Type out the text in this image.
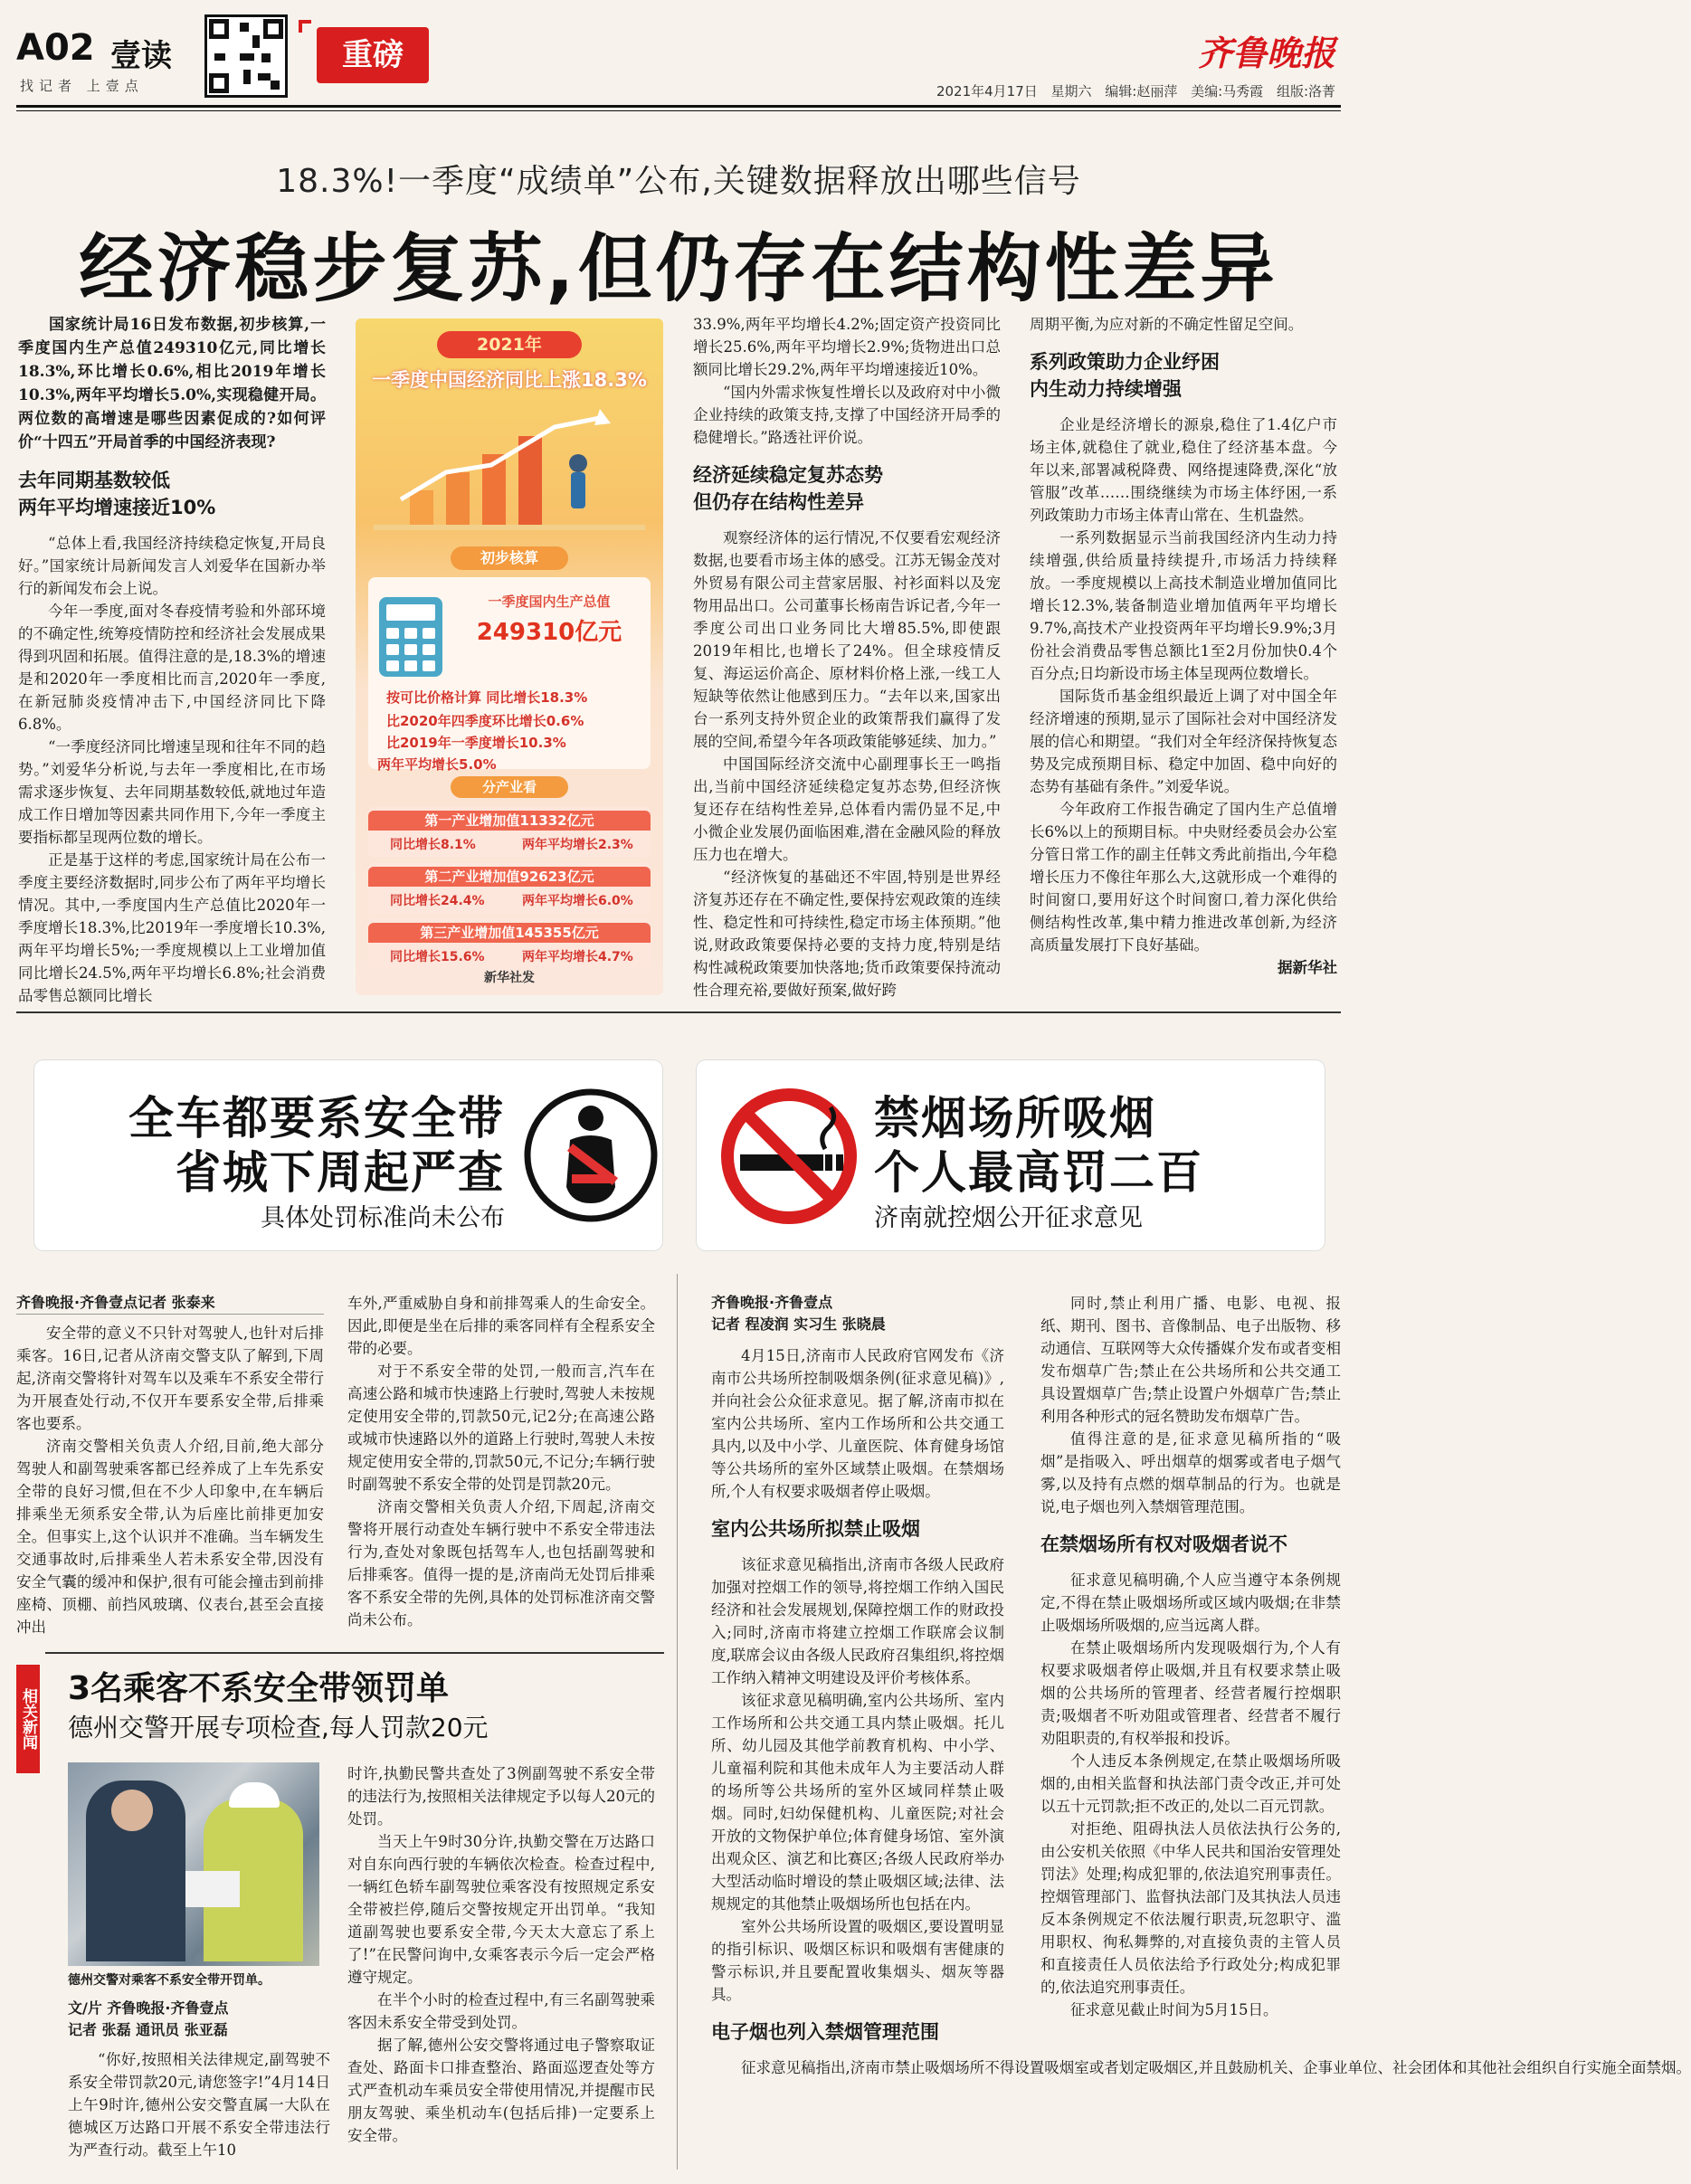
A02 壹读
找记者 上壹点
重磅	齐鲁晚报
2021年4月17日 星期六 编辑:赵丽萍 美编:马秀霞 组版:洛菁
18.3%!一季度“成绩单”公布,关键数据释放出哪些信号
经济稳步复苏,但仍存在结构性差异

国家统计局16日发布数据,初步核算,一季度国内生产总值249310亿元,同比增长18.3%,环比增长0.6%,相比2019年增长10.3%,两年平均增长5.0%,实现稳健开局。两位数的高增速是哪些因素促成的?如何评价“十四五”开局首季的中国经济表现?

去年同期基数较低
两年平均增速接近10%

“总体上看,我国经济持续稳定恢复,开局良好。”国家统计局新闻发言人刘爱华在国新办举行的新闻发布会上说。

今年一季度,面对冬春疫情考验和外部环境的不确定性,统筹疫情防控和经济社会发展成果得到巩固和拓展。值得注意的是,18.3%的增速是和2020年一季度相比而言,2020年一季度,在新冠肺炎疫情冲击下,中国经济同比下降6.8%。

“一季度经济同比增速呈现和往年不同的趋势。”刘爱华分析说,与去年一季度相比,在市场需求逐步恢复、去年同期基数较低,就地过年造成工作日增加等因素共同作用下,今年一季度主要指标都呈现两位数的增长。

正是基于这样的考虑,国家统计局在公布一季度主要经济数据时,同步公布了两年平均增长情况。其中,一季度国内生产总值比2020年一季度增长18.3%,比2019年一季度增长10.3%,两年平均增长5%;一季度规模以上工业增加值同比增长24.5%,两年平均增长6.8%;社会消费品零售总额同比增长

2021年
一季度中国经济同比上涨18.3%
初步核算
一季度国内生产总值
249310亿元
按可比价格计算 同比增长18.3%
比2020年四季度环比增长0.6%
比2019年一季度增长10.3%
两年平均增长5.0%
分产业看
第一产业增加值11332亿元
同比增长8.1%	两年平均增长2.3%
第二产业增加值92623亿元
同比增长24.4%	两年平均增长6.0%
第三产业增加值145355亿元
同比增长15.6%	两年平均增长4.7%
新华社发

33.9%,两年平均增长4.2%;固定资产投资同比增长25.6%,两年平均增长2.9%;货物进出口总额同比增长29.2%,两年平均增速接近10%。

“国内外需求恢复性增长以及政府对中小微企业持续的政策支持,支撑了中国经济开局季的稳健增长。”路透社评价说。

经济延续稳定复苏态势
但仍存在结构性差异

观察经济体的运行情况,不仅要看宏观经济数据,也要看市场主体的感受。江苏无锡金茂对外贸易有限公司主营家居服、衬衫面料以及宠物用品出口。公司董事长杨南告诉记者,今年一季度公司出口业务同比大增85.5%,即使跟2019年相比,也增长了24%。但全球疫情反复、海运运价高企、原材料价格上涨,一线工人短缺等依然让他感到压力。“去年以来,国家出台一系列支持外贸企业的政策帮我们赢得了发展的空间,希望今年各项政策能够延续、加力。”

中国国际经济交流中心副理事长王一鸣指出,当前中国经济延续稳定复苏态势,但经济恢复还存在结构性差异,总体看内需仍显不足,中小微企业发展仍面临困难,潜在金融风险的释放压力也在增大。

“经济恢复的基础还不牢固,特别是世界经济复苏还存在不确定性,要保持宏观政策的连续性、稳定性和可持续性,稳定市场主体预期。”他说,财政政策要保持必要的支持力度,特别是结构性减税政策要加快落地;货币政策要保持流动性合理充裕,要做好预案,做好跨

周期平衡,为应对新的不确定性留足空间。

系列政策助力企业纾困
内生动力持续增强

企业是经济增长的源泉,稳住了1.4亿户市场主体,就稳住了就业,稳住了经济基本盘。今年以来,部署减税降费、网络提速降费,深化“放管服”改革……围绕继续为市场主体纾困,一系列政策助力市场主体青山常在、生机盎然。

一系列数据显示当前我国经济内生动力持续增强,供给质量持续提升,市场活力持续释放。一季度规模以上高技术制造业增加值同比增长12.3%,装备制造业增加值两年平均增长9.7%,高技术产业投资两年平均增长9.9%;3月份社会消费品零售总额比1至2月份加快0.4个百分点;日均新设市场主体呈现两位数增长。

国际货币基金组织最近上调了对中国全年经济增速的预期,显示了国际社会对中国经济发展的信心和期望。“我们对全年经济保持恢复态势及完成预期目标、稳定中加固、稳中向好的态势有基础有条件。”刘爱华说。

今年政府工作报告确定了国内生产总值增长6%以上的预期目标。中央财经委员会办公室分管日常工作的副主任韩文秀此前指出,今年稳增长压力不像往年那么大,这就形成一个难得的时间窗口,要用好这个时间窗口,着力深化供给侧结构性改革,集中精力推进改革创新,为经济高质量发展打下良好基础。

据新华社

全车都要系安全带
省城下周起严查
具体处罚标准尚未公布
禁烟场所吸烟
个人最高罚二百
济南就控烟公开征求意见
齐鲁晚报·齐鲁壹点记者 张泰来

安全带的意义不只针对驾驶人,也针对后排乘客。16日,记者从济南交警支队了解到,下周起,济南交警将针对驾车以及乘车不系安全带行为开展查处行动,不仅开车要系安全带,后排乘客也要系。

济南交警相关负责人介绍,目前,绝大部分驾驶人和副驾驶乘客都已经养成了上车先系安全带的良好习惯,但在不少人印象中,在车辆后排乘坐无须系安全带,认为后座比前排更加安全。但事实上,这个认识并不准确。当车辆发生交通事故时,后排乘坐人若未系安全带,因没有安全气囊的缓冲和保护,很有可能会撞击到前排座椅、顶棚、前挡风玻璃、仪表台,甚至会直接冲出

车外,严重威胁自身和前排驾乘人的生命安全。因此,即便是坐在后排的乘客同样有全程系安全带的必要。

对于不系安全带的处罚,一般而言,汽车在高速公路和城市快速路上行驶时,驾驶人未按规定使用安全带的,罚款50元,记2分;在高速公路或城市快速路以外的道路上行驶时,驾驶人未按规定使用安全带的,罚款50元,不记分;车辆行驶时副驾驶不系安全带的处罚是罚款20元。

济南交警相关负责人介绍,下周起,济南交警将开展行动查处车辆行驶中不系安全带违法行为,查处对象既包括驾车人,也包括副驾驶和后排乘客。值得一提的是,济南尚无处罚后排乘客不系安全带的先例,具体的处罚标准济南交警尚未公布。

相关新闻 3名乘客不系安全带领罚单
德州交警开展专项检查,每人罚款20元
德州交警对乘客不系安全带开罚单。
文/片 齐鲁晚报·齐鲁壹点
记者 张磊 通讯员 张亚磊

“你好,按照相关法律规定,副驾驶不系安全带罚款20元,请您签字!”4月14日上午9时许,德州公安交警直属一大队在德城区万达路口开展不系安全带违法行为严查行动。截至上午10

时许,执勤民警共查处了3例副驾驶不系安全带的违法行为,按照相关法律规定予以每人20元的处罚。

当天上午9时30分许,执勤交警在万达路口对自东向西行驶的车辆依次检查。检查过程中,一辆红色轿车副驾驶位乘客没有按照规定系安全带被拦停,随后交警按规定开出罚单。“我知道副驾驶也要系安全带,今天太大意忘了系上了!”在民警问询中,女乘客表示今后一定会严格遵守规定。

在半个小时的检查过程中,有三名副驾驶乘客因未系安全带受到处罚。

据了解,德州公安交警将通过电子警察取证查处、路面卡口排查整治、路面巡逻查处等方式严查机动车乘员安全带使用情况,并提醒市民朋友驾驶、乘坐机动车(包括后排)一定要系上安全带。

齐鲁晚报·齐鲁壹点
记者 程凌润 实习生 张晓晨

4月15日,济南市人民政府官网发布《济南市公共场所控制吸烟条例(征求意见稿)》,并向社会公众征求意见。据了解,济南市拟在室内公共场所、室内工作场所和公共交通工具内,以及中小学、儿童医院、体育健身场馆等公共场所的室外区域禁止吸烟。在禁烟场所,个人有权要求吸烟者停止吸烟。

室内公共场所拟禁止吸烟

该征求意见稿指出,济南市各级人民政府加强对控烟工作的领导,将控烟工作纳入国民经济和社会发展规划,保障控烟工作的财政投入;同时,济南市将建立控烟工作联席会议制度,联席会议由各级人民政府召集组织,将控烟工作纳入精神文明建设及评价考核体系。

该征求意见稿明确,室内公共场所、室内工作场所和公共交通工具内禁止吸烟。托儿所、幼儿园及其他学前教育机构、中小学、儿童福利院和其他未成年人为主要活动人群的场所等公共场所的室外区域同样禁止吸烟。同时,妇幼保健机构、儿童医院;对社会开放的文物保护单位;体育健身场馆、室外演出观众区、演艺和比赛区;各级人民政府举办大型活动临时增设的禁止吸烟区域;法律、法规规定的其他禁止吸烟场所也包括在内。

室外公共场所设置的吸烟区,要设置明显的指引标识、吸烟区标识和吸烟有害健康的警示标识,并且要配置收集烟头、烟灰等器具。

电子烟也列入禁烟管理范围

征求意见稿指出,济南市禁止吸烟场所不得设置吸烟室或者划定吸烟区,并且鼓励机关、企事业单位、社会团体和其他社会组织自行实施全面禁烟。

同时,禁止利用广播、电影、电视、报纸、期刊、图书、音像制品、电子出版物、移动通信、互联网等大众传播媒介发布或者变相发布烟草广告;禁止在公共场所和公共交通工具设置烟草广告;禁止设置户外烟草广告;禁止利用各种形式的冠名赞助发布烟草广告。

值得注意的是,征求意见稿所指的“吸烟”是指吸入、呼出烟草的烟雾或者电子烟气雾,以及持有点燃的烟草制品的行为。也就是说,电子烟也列入禁烟管理范围。

在禁烟场所有权对吸烟者说不

征求意见稿明确,个人应当遵守本条例规定,不得在禁止吸烟场所或区域内吸烟;在非禁止吸烟场所吸烟的,应当远离人群。

在禁止吸烟场所内发现吸烟行为,个人有权要求吸烟者停止吸烟,并且有权要求禁止吸烟的公共场所的管理者、经营者履行控烟职责;吸烟者不听劝阻或管理者、经营者不履行劝阻职责的,有权举报和投诉。

个人违反本条例规定,在禁止吸烟场所吸烟的,由相关监督和执法部门责令改正,并可处以五十元罚款;拒不改正的,处以二百元罚款。

对拒绝、阻碍执法人员依法执行公务的,由公安机关依照《中华人民共和国治安管理处罚法》处理;构成犯罪的,依法追究刑事责任。控烟管理部门、监督执法部门及其执法人员违反本条例规定不依法履行职责,玩忽职守、滥用职权、徇私舞弊的,对直接负责的主管人员和直接责任人员依法给予行政处分;构成犯罪的,依法追究刑事责任。

征求意见截止时间为5月15日。
